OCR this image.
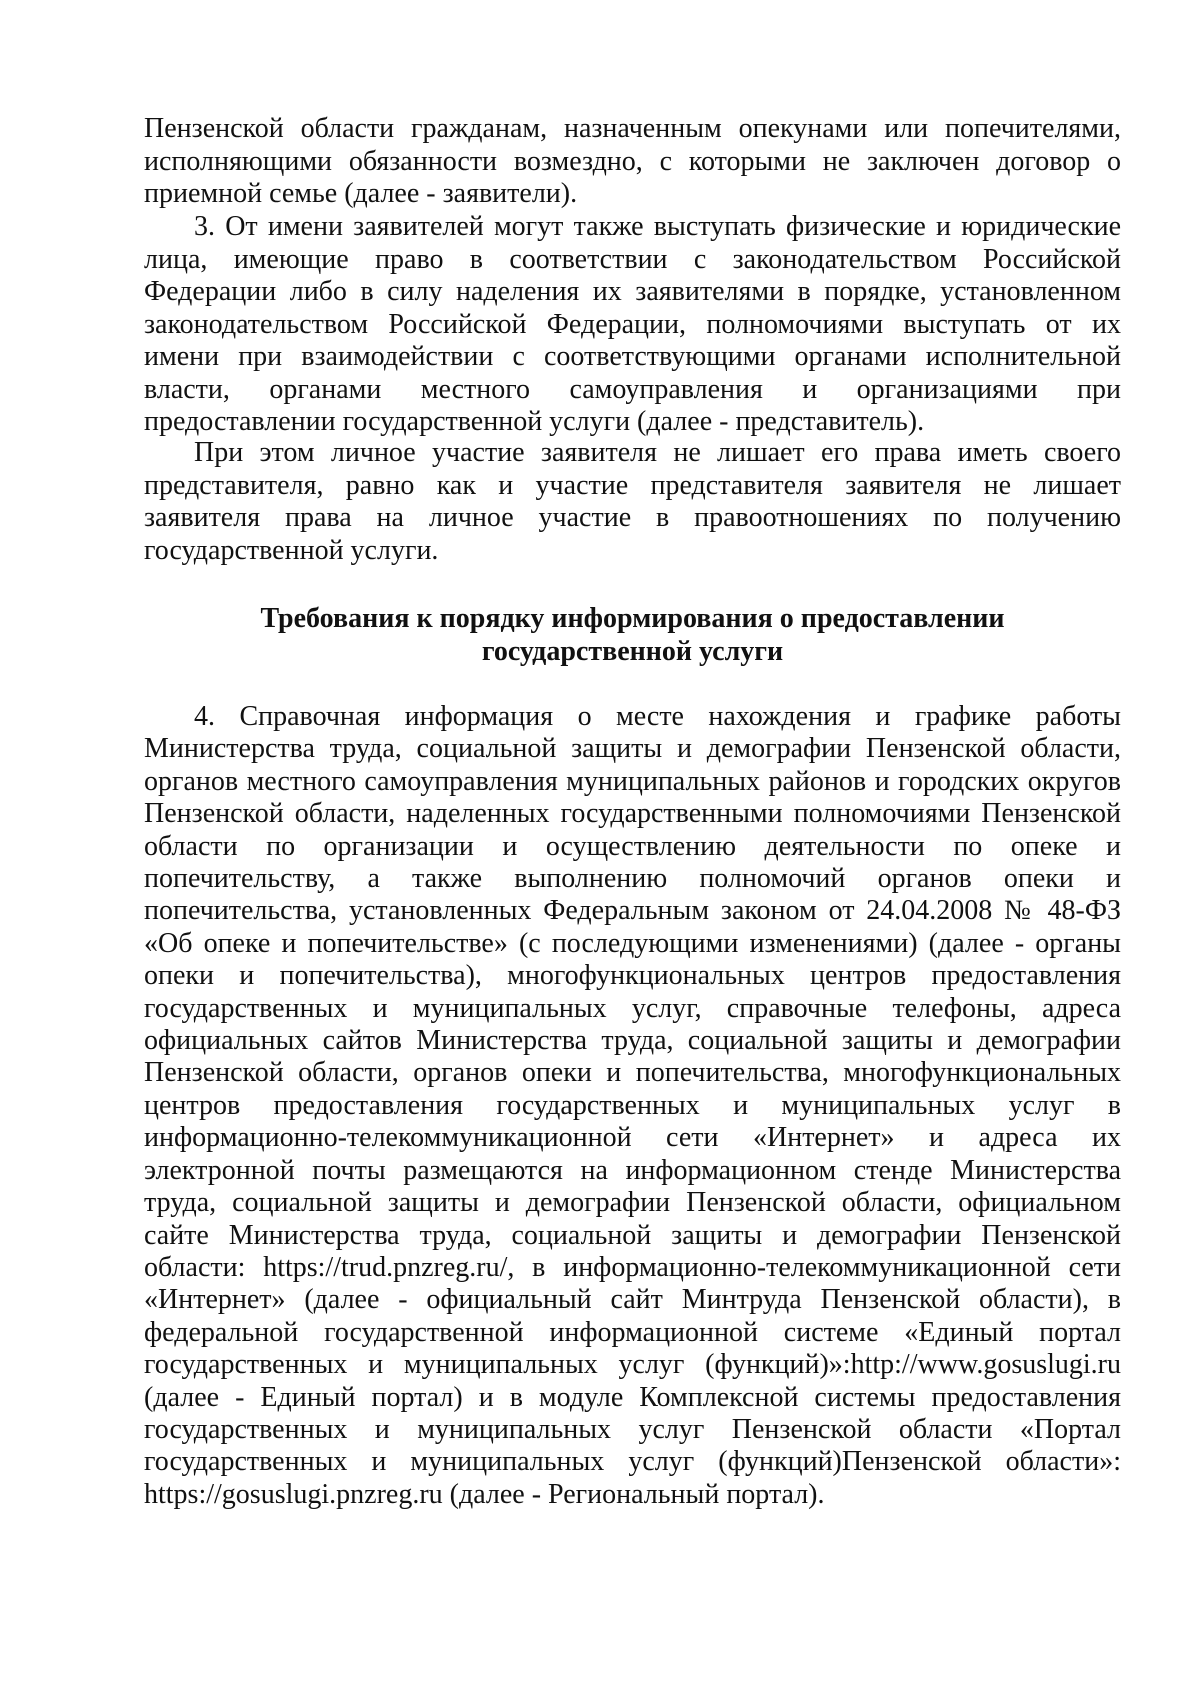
Пензенской области гражданам, назначенным опекунами или попечителями, исполняющими обязанности возмездно, с которыми не заключен договор о приемной семье (далее - заявители).
3. От имени заявителей могут также выступать физические и юридические лица, имеющие право в соответствии с законодательством Российской Федерации либо в силу наделения их заявителями в порядке, установленном законодательством Российской Федерации, полномочиями выступать от их имени при взаимодействии с соответствующими органами исполнительной власти, органами местного самоуправления и организациями при предоставлении государственной услуги (далее - представитель).
При этом личное участие заявителя не лишает его права иметь своего представителя, равно как и участие представителя заявителя не лишает заявителя права на личное участие в правоотношениях по получению государственной услуги.
Требования к порядку информирования о предоставлении
государственной услуги
4. Справочная информация о месте нахождения и графике работы Министерства труда, социальной защиты и демографии Пензенской области, органов местного самоуправления муниципальных районов и городских округов Пензенской области, наделенных государственными полномочиями Пензенской области по организации и осуществлению деятельности по опеке и попечительству, а также выполнению полномочий органов опеки и попечительства, установленных Федеральным законом от 24.04.2008 № 48-ФЗ «Об опеке и попечительстве» (с последующими изменениями) (далее - органы опеки и попечительства), многофункциональных центров предоставления государственных и муниципальных услуг, справочные телефоны, адреса официальных сайтов Министерства труда, социальной защиты и демографии Пензенской области, органов опеки и попечительства, многофункциональных центров предоставления государственных и муниципальных услуг в информационно-телекоммуникационной сети «Интернет» и адреса их электронной почты размещаются на информационном стенде Министерства труда, социальной защиты и демографии Пензенской области, официальном сайте Министерства труда, социальной защиты и демографии Пензенской области: https://trud.pnzreg.ru/, в информационно-телекоммуникационной сети «Интернет» (далее - официальный сайт Минтруда Пензенской области), в федеральной государственной информационной системе «Единый портал государственных и муниципальных услуг (функций)»:http://www.gosuslugi.ru (далее - Единый портал) и в модуле Комплексной системы предоставления государственных и муниципальных услуг Пензенской области «Портал государственных и муниципальных услуг (функций)Пензенской области»: https://gosuslugi.pnzreg.ru (далее - Региональный портал).
